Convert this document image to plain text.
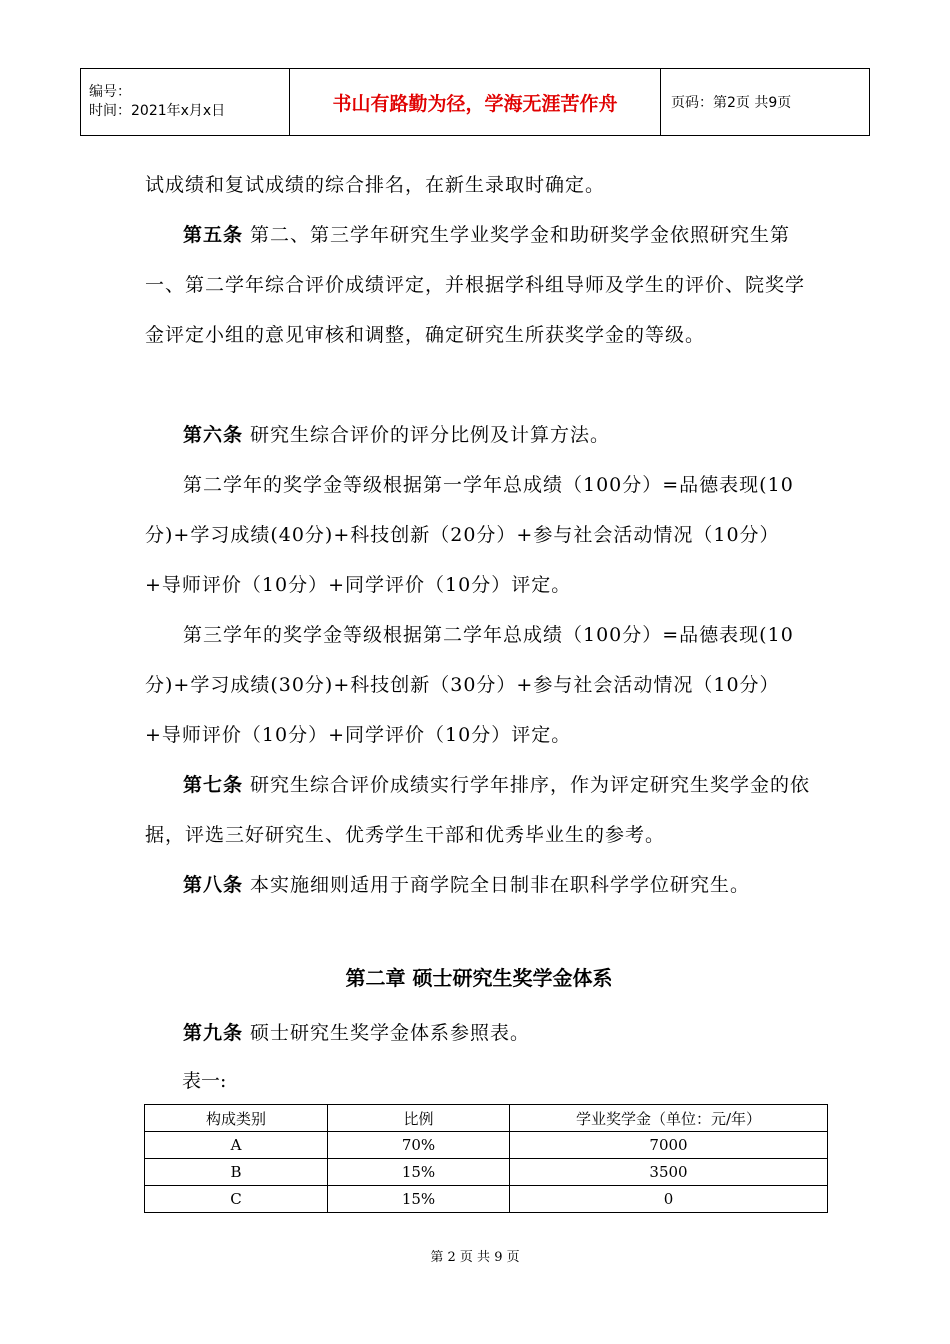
编号：
时间：2021年x月x日	书山有路勤为径，学海无涯苦作舟	页码：第2页 共9页

试成绩和复试成绩的综合排名，在新生录取时确定。

第五条 第二、第三学年研究生学业奖学金和助研奖学金依照研究生第一、第二学年综合评价成绩评定，并根据学科组导师及学生的评价、院奖学金评定小组的意见审核和调整，确定研究生所获奖学金的等级。

第六条 研究生综合评价的评分比例及计算方法。

第二学年的奖学金等级根据第一学年总成绩（100分）=品德表现(10分)+学习成绩(40分)+科技创新（20分）+参与社会活动情况（10分）+导师评价（10分）+同学评价（10分）评定。

第三学年的奖学金等级根据第二学年总成绩（100分）=品德表现(10分)+学习成绩(30分)+科技创新（30分）+参与社会活动情况（10分）+导师评价（10分）+同学评价（10分）评定。

第七条 研究生综合评价成绩实行学年排序，作为评定研究生奖学金的依据，评选三好研究生、优秀学生干部和优秀毕业生的参考。

第八条 本实施细则适用于商学院全日制非在职科学学位研究生。

第二章 硕士研究生奖学金体系

第九条 硕士研究生奖学金体系参照表。

表一:
构成类别	比例	学业奖学金（单位：元/年）
A	70%	7000
B	15%	3500
C	15%	0
第 2 页 共 9 页
